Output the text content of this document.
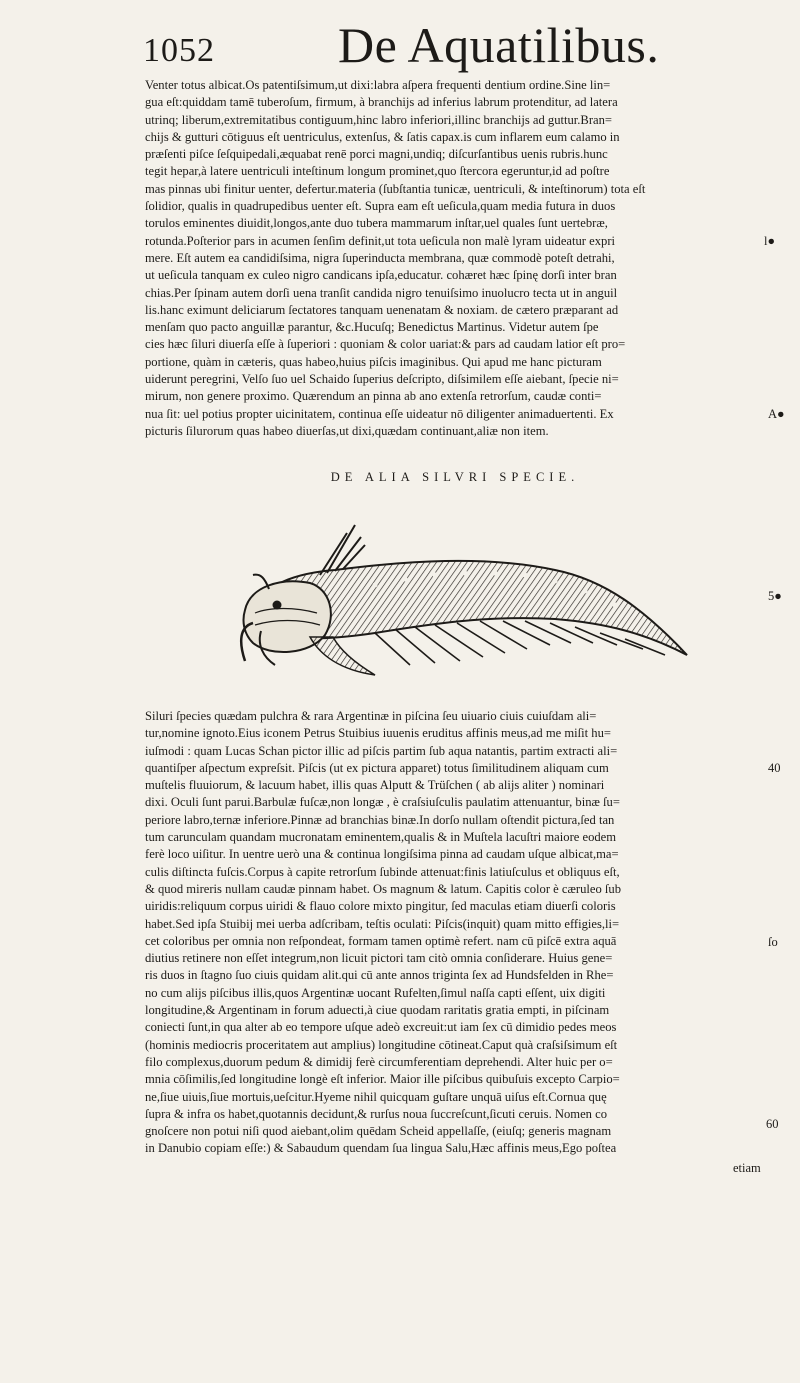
1052 De Aquatilibus.
Venter totus albicat.Os patentiſsimum,ut dixi:labra aſpera frequenti dentium ordine.Sine lin=
gua eſt:quiddam tamē tuberoſum, firmum, à branchijs ad inferius labrum protenditur, ad latera
utrinq; liberum,extremitatibus contiguum,hinc labro inferiori,illinc branchijs ad guttur.Bran=
chijs & gutturi cōtiguus eſt uentriculus, extenſus, & ſatis capax.is cum inflarem eum calamo in
præſenti piſce ſeſquipedali,æquabat renē porci magni,undiq; diſcurſantibus uenis rubris.hunc
tegit hepar,à latere uentriculi inteſtinum longum prominet,quo ſtercora egeruntur,id ad poſtre
mas pinnas ubi finitur uenter, defertur.materia (ſubſtantia tunicæ, uentriculi, & inteſtinorum) tota eſt
ſolidior, qualis in quadrupedibus uenter eſt. Supra eam eſt ueſicula,quam media futura in duos
torulos eminentes diuidit,longos,ante duo tubera mammarum inſtar,uel quales ſunt uertebræ,
rotunda.Poſterior pars in acumen ſenſim definit,ut tota ueſicula non malè lyram uideatur expri
mere. Eſt autem ea candidiſsima, nigra ſuperinducta membrana, quæ commodè poteſt detrahi,
ut ueſicula tanquam ex culeo nigro candicans ipſa,educatur. cohæret hæc ſpinę dorſi inter bran
chias.Per ſpinam autem dorſi uena tranſit candida nigro tenuiſsimo inuolucro tecta ut in anguil
lis.hanc eximunt deliciarum ſectatores tanquam uenenatam & noxiam. de cætero præparant ad
menſam quo pacto anguillæ parantur, &c.Hucuſq; Benedictus Martinus. Videtur autem ſpe
cies hæc ſiluri diuerſa eſſe à ſuperiori : quoniam & color uariat:& pars ad caudam latior eſt pro=
portione, quàm in cæteris, quas habeo,huius piſcis imaginibus. Qui apud me hanc picturam
uiderunt peregrini, Velſo ſuo uel Schaido ſuperius deſcripto, diſsimilem eſſe aiebant, ſpecie ni=
mirum, non genere proximo. Quærendum an pinna ab ano extenſa retrorſum, caudæ conti=
nua ſit: uel potius propter uicinitatem, continua eſſe uideatur nō diligenter animaduertenti. Ex
picturis ſilurorum quas habeo diuerſas,ut dixi,quædam continuant,aliæ non item.
DE ALIA SILVRI SPECIE.
Siluri ſpecies quædam pulchra & rara Argentinæ in piſcina ſeu uiuario ciuis cuiuſdam ali=
tur,nomine ignoto.Eius iconem Petrus Stuibius iuuenis eruditus affinis meus,ad me miſit hu=
iuſmodi : quam Lucas Schan pictor illic ad piſcis partim ſub aqua natantis, partim extracti ali=
quantiſper aſpectum expreſsit. Piſcis (ut ex pictura apparet) totus ſimilitudinem aliquam cum
muſtelis fluuiorum, & lacuum habet, illis quas Alputt & Trüſchen ( ab alijs aliter ) nominari
dixi. Oculi ſunt parui.Barbulæ fuſcæ,non longæ , è craſsiuſculis paulatim attenuantur, binæ ſu=
periore labro,ternæ inferiore.Pinnæ ad branchias binæ.In dorſo nullam oſtendit pictura,ſed tan
tum carunculam quandam mucronatam eminentem,qualis & in Muſtela lacuſtri maiore eodem
ferè loco uiſitur. In uentre uerò una & continua longiſsima pinna ad caudam uſque albicat,ma=
culis diſtincta fuſcis.Corpus à capite retrorſum ſubinde attenuat:finis latiuſculus et obliquus eſt,
& quod mireris nullam caudæ pinnam habet. Os magnum & latum. Capitis color è cæruleo ſub
uiridis:reliquum corpus uiridi & flauo colore mixto pingitur, ſed maculas etiam diuerſi coloris
habet.Sed ipſa Stuibij mei uerba adſcribam, teſtis oculati: Piſcis(inquit) quam mitto effigies,li=
cet coloribus per omnia non reſpondeat, formam tamen optimè refert. nam cū piſcē extra aquā
diutius retinere non eſſet integrum,non licuit pictori tam citò omnia conſiderare. Huius gene=
ris duos in ſtagno ſuo ciuis quidam alit.qui cū ante annos triginta ſex ad Hundsfelden in Rhe=
no cum alijs piſcibus illis,quos Argentinæ uocant Rufelten,ſimul naſſa capti eſſent, uix digiti
longitudine,& Argentinam in forum aduecti,à ciue quodam raritatis gratia empti, in piſcinam
coniecti ſunt,in qua alter ab eo tempore uſque adeò excreuit:ut iam ſex cū dimidio pedes meos
(hominis mediocris proceritatem aut amplius) longitudine cōtineat.Caput quà craſsiſsimum eſt
filo complexus,duorum pedum & dimidij ferè circumferentiam deprehendi. Alter huic per o=
mnia cōſimilis,ſed longitudine longè eſt inferior. Maior ille piſcibus quibuſuis excepto Carpio=
ne,ſiue uiuis,ſiue mortuis,ueſcitur.Hyeme nihil quicquam guſtare unquā uiſus eſt.Cornua quę
ſupra & infra os habet,quotannis decidunt,& rurſus noua ſuccreſcunt,ſicuti ceruis. Nomen co
gnoſcere non potui niſi quod aiebant,olim quēdam Scheid appellaſſe, (eiuſq; generis magnam
in Danubio copiam eſſe:) & Sabaudum quendam ſua lingua Salu,Hæc affinis meus,Ego poſtea
l●
A●
5●
40
ſo
60
etiam
